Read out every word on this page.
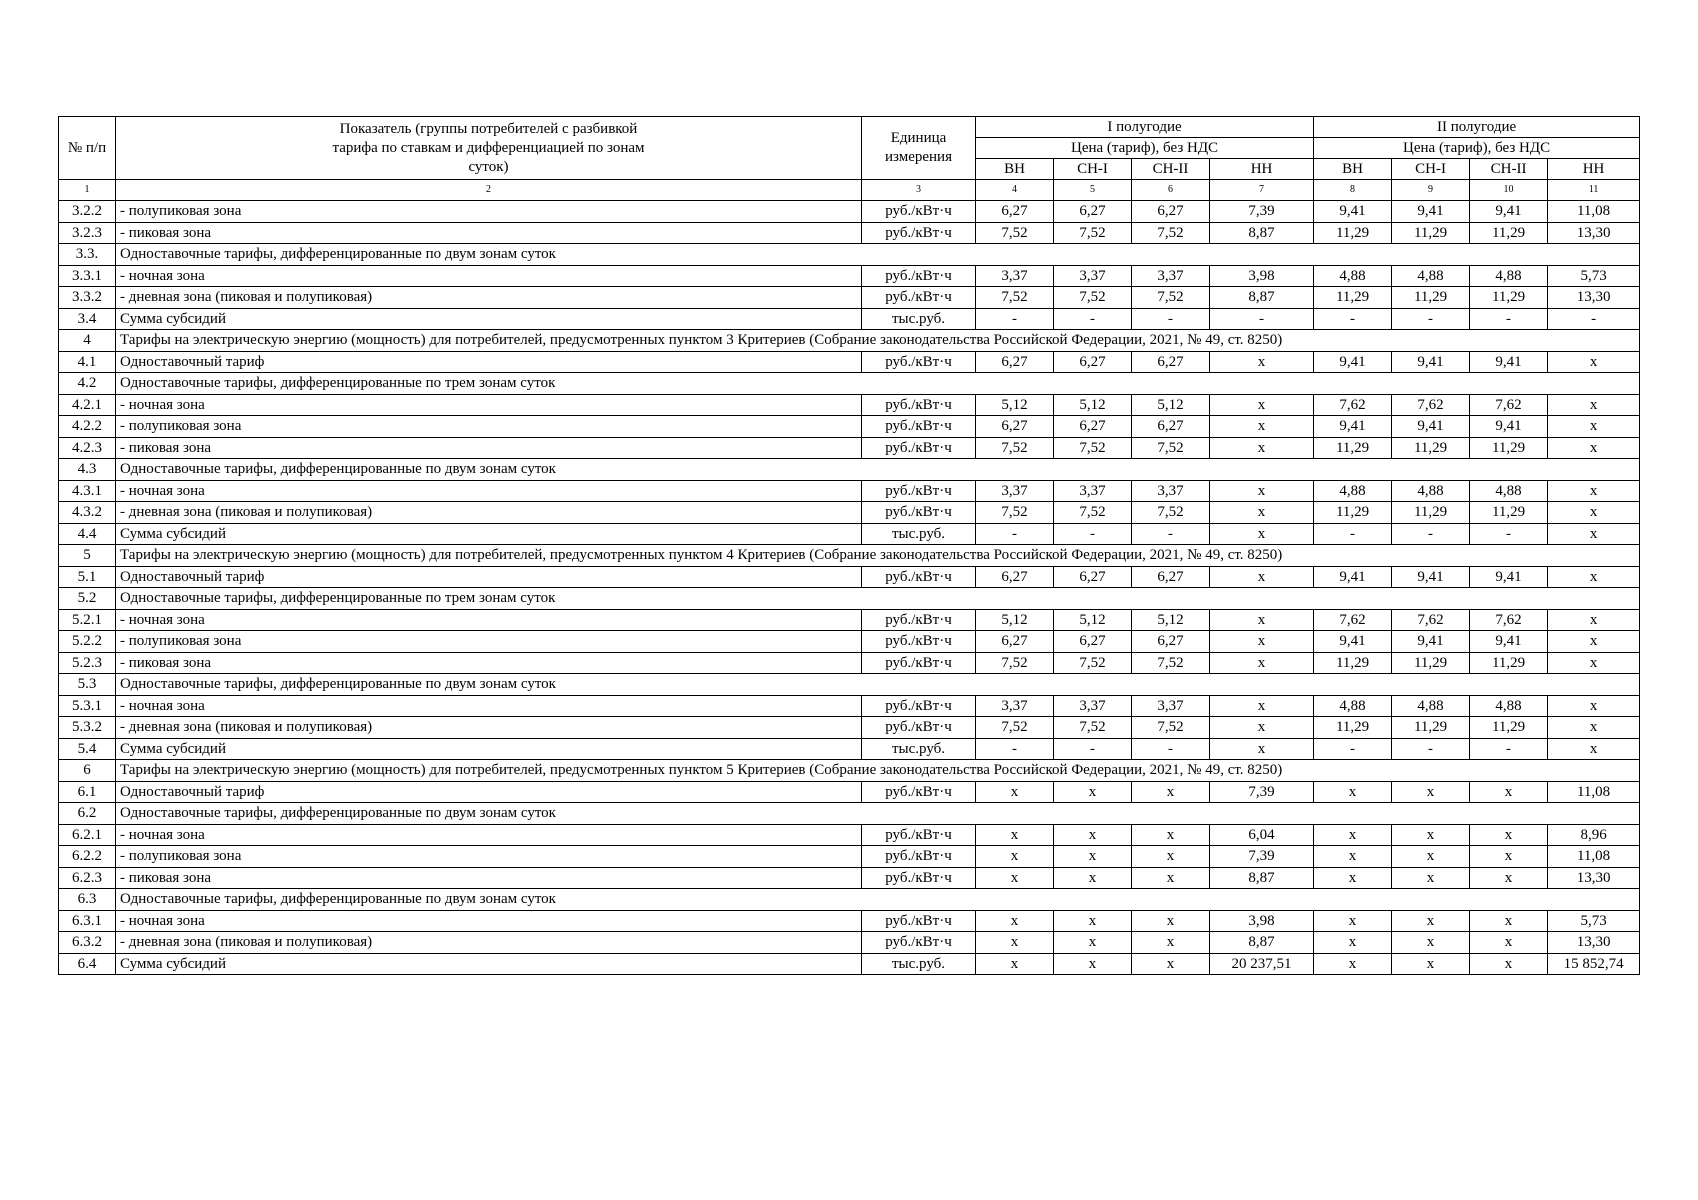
№ п/п	Показатель (группы потребителей с разбивкой тарифа по ставкам и дифференциацией по зонам суток)	Единица измерения	I полугодие				II полугодие			
			Цена (тариф), без НДС				Цена (тариф), без НДС			
			ВН	СН-I	СН-II	НН	ВН	СН-I	СН-II	НН
1	2	3	4	5	6	7	8	9	10	11
3.2.2	- полупиковая зона	руб./кВт·ч	6,27	6,27	6,27	7,39	9,41	9,41	9,41	11,08
3.2.3	- пиковая зона	руб./кВт·ч	7,52	7,52	7,52	8,87	11,29	11,29	11,29	13,30
3.3.	Одноставочные тарифы, дифференцированные по двум зонам суток									
3.3.1	- ночная зона	руб./кВт·ч	3,37	3,37	3,37	3,98	4,88	4,88	4,88	5,73
3.3.2	- дневная зона (пиковая и полупиковая)	руб./кВт·ч	7,52	7,52	7,52	8,87	11,29	11,29	11,29	13,30
3.4	Сумма субсидий	тыс.руб.	-	-	-	-	-	-	-	-
4	Тарифы на электрическую энергию (мощность) для потребителей, предусмотренных пунктом 3 Критериев (Собрание законодательства Российской Федерации, 2021, № 49, ст. 8250)									
4.1	Одноставочный тариф	руб./кВт·ч	6,27	6,27	6,27	х	9,41	9,41	9,41	х
4.2	Одноставочные тарифы, дифференцированные по трем зонам суток									
4.2.1	- ночная зона	руб./кВт·ч	5,12	5,12	5,12	х	7,62	7,62	7,62	х
4.2.2	- полупиковая зона	руб./кВт·ч	6,27	6,27	6,27	х	9,41	9,41	9,41	х
4.2.3	- пиковая зона	руб./кВт·ч	7,52	7,52	7,52	х	11,29	11,29	11,29	х
4.3	Одноставочные тарифы, дифференцированные по двум зонам суток									
4.3.1	- ночная зона	руб./кВт·ч	3,37	3,37	3,37	х	4,88	4,88	4,88	х
4.3.2	- дневная зона (пиковая и полупиковая)	руб./кВт·ч	7,52	7,52	7,52	х	11,29	11,29	11,29	х
4.4	Сумма субсидий	тыс.руб.	-	-	-	х	-	-	-	х
5	Тарифы на электрическую энергию (мощность) для потребителей, предусмотренных пунктом 4 Критериев (Собрание законодательства Российской Федерации, 2021, № 49, ст. 8250)									
5.1	Одноставочный тариф	руб./кВт·ч	6,27	6,27	6,27	х	9,41	9,41	9,41	х
5.2	Одноставочные тарифы, дифференцированные по трем зонам суток									
5.2.1	- ночная зона	руб./кВт·ч	5,12	5,12	5,12	х	7,62	7,62	7,62	х
5.2.2	- полупиковая зона	руб./кВт·ч	6,27	6,27	6,27	х	9,41	9,41	9,41	х
5.2.3	- пиковая зона	руб./кВт·ч	7,52	7,52	7,52	х	11,29	11,29	11,29	х
5.3	Одноставочные тарифы, дифференцированные по двум зонам суток									
5.3.1	- ночная зона	руб./кВт·ч	3,37	3,37	3,37	х	4,88	4,88	4,88	х
5.3.2	- дневная зона (пиковая и полупиковая)	руб./кВт·ч	7,52	7,52	7,52	х	11,29	11,29	11,29	х
5.4	Сумма субсидий	тыс.руб.	-	-	-	х	-	-	-	х
6	Тарифы на электрическую энергию (мощность) для потребителей, предусмотренных пунктом 5 Критериев (Собрание законодательства Российской Федерации, 2021, № 49, ст. 8250)									
6.1	Одноставочный тариф	руб./кВт·ч	х	х	х	7,39	х	х	х	11,08
6.2	Одноставочные тарифы, дифференцированные по двум зонам суток									
6.2.1	- ночная зона	руб./кВт·ч	х	х	х	6,04	х	х	х	8,96
6.2.2	- полупиковая зона	руб./кВт·ч	х	х	х	7,39	х	х	х	11,08
6.2.3	- пиковая зона	руб./кВт·ч	х	х	х	8,87	х	х	х	13,30
6.3	Одноставочные тарифы, дифференцированные по двум зонам суток									
6.3.1	- ночная зона	руб./кВт·ч	х	х	х	3,98	х	х	х	5,73
6.3.2	- дневная зона (пиковая и полупиковая)	руб./кВт·ч	х	х	х	8,87	х	х	х	13,30
6.4	Сумма субсидий	тыс.руб.	х	х	х	20 237,51	х	х	х	15 852,74
